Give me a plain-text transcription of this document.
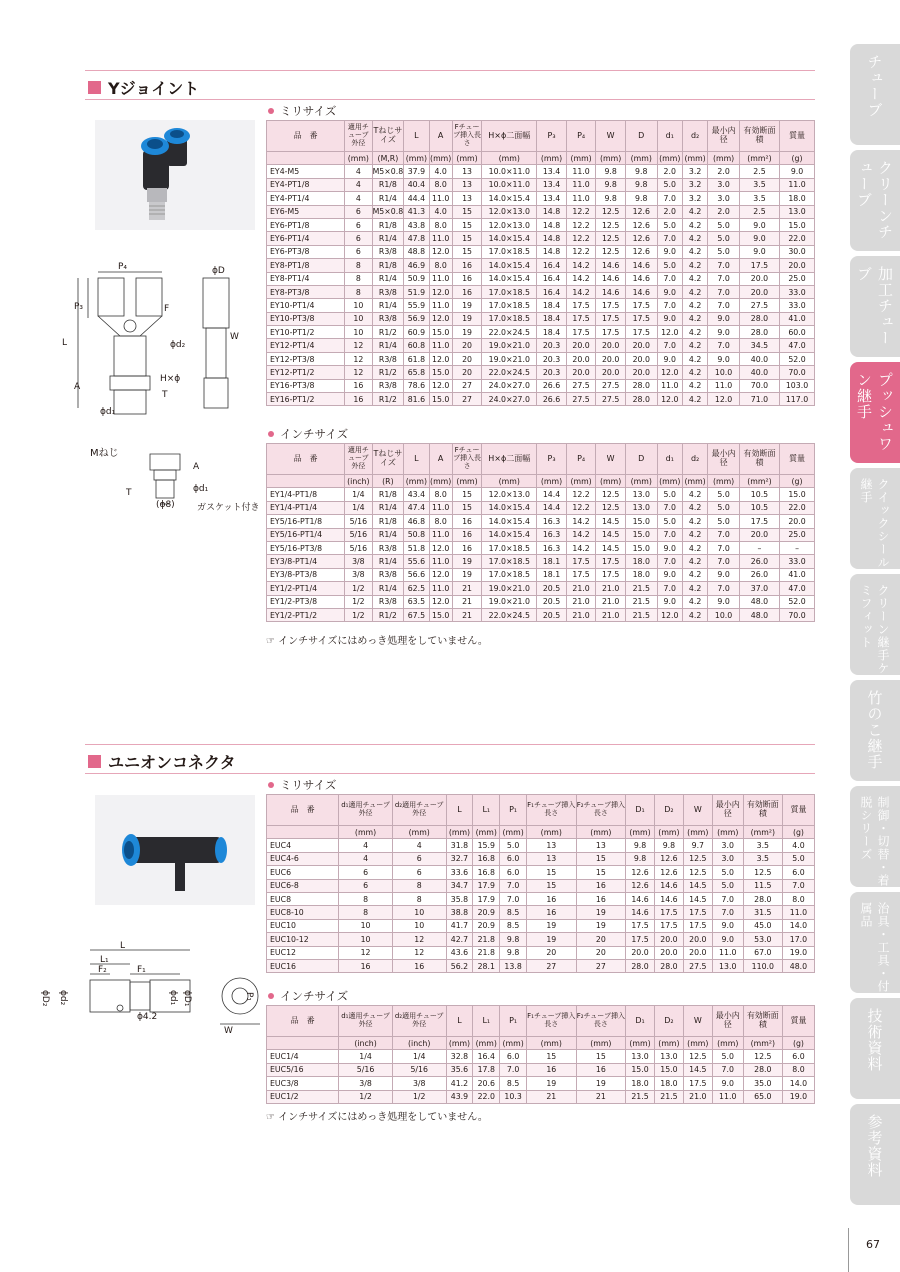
Yジョイント
P₄	ϕD
P₃	F
L	ϕd₂
W
H×ϕ
A
T
ϕd₁
Mねじ
A
ϕd₁
T
(ϕ8) ガスケット付き
ミリサイズ
品　番	適用チューブ外径	Tねじサイズ	L	A	Fチューブ挿入長さ	H×ϕ二面幅	P₃	P₄	W	D	d₁	d₂	最小内径	有効断面積	質量
	(mm)	(M,R)	(mm)	(mm)	(mm)	(mm)	(mm)	(mm)	(mm)	(mm)	(mm)	(mm)	(mm)	(mm²)	(g)
EY4-M5	4	M5×0.8	37.9	4.0	13	10.0×11.0	13.4	11.0	9.8	9.8	2.0	3.2	2.0	2.5	9.0
EY4-PT1/8	4	R1/8	40.4	8.0	13	10.0×11.0	13.4	11.0	9.8	9.8	5.0	3.2	3.0	3.5	11.0
EY4-PT1/4	4	R1/4	44.4	11.0	13	14.0×15.4	13.4	11.0	9.8	9.8	7.0	3.2	3.0	3.5	18.0
EY6-M5	6	M5×0.8	41.3	4.0	15	12.0×13.0	14.8	12.2	12.5	12.6	2.0	4.2	2.0	2.5	13.0
EY6-PT1/8	6	R1/8	43.8	8.0	15	12.0×13.0	14.8	12.2	12.5	12.6	5.0	4.2	5.0	9.0	15.0
EY6-PT1/4	6	R1/4	47.8	11.0	15	14.0×15.4	14.8	12.2	12.5	12.6	7.0	4.2	5.0	9.0	22.0
EY6-PT3/8	6	R3/8	48.8	12.0	15	17.0×18.5	14.8	12.2	12.5	12.6	9.0	4.2	5.0	9.0	30.0
EY8-PT1/8	8	R1/8	46.9	8.0	16	14.0×15.4	16.4	14.2	14.6	14.6	5.0	4.2	7.0	17.5	20.0
EY8-PT1/4	8	R1/4	50.9	11.0	16	14.0×15.4	16.4	14.2	14.6	14.6	7.0	4.2	7.0	20.0	25.0
EY8-PT3/8	8	R3/8	51.9	12.0	16	17.0×18.5	16.4	14.2	14.6	14.6	9.0	4.2	7.0	20.0	33.0
EY10-PT1/4	10	R1/4	55.9	11.0	19	17.0×18.5	18.4	17.5	17.5	17.5	7.0	4.2	7.0	27.5	33.0
EY10-PT3/8	10	R3/8	56.9	12.0	19	17.0×18.5	18.4	17.5	17.5	17.5	9.0	4.2	9.0	28.0	41.0
EY10-PT1/2	10	R1/2	60.9	15.0	19	22.0×24.5	18.4	17.5	17.5	17.5	12.0	4.2	9.0	28.0	60.0
EY12-PT1/4	12	R1/4	60.8	11.0	20	19.0×21.0	20.3	20.0	20.0	20.0	7.0	4.2	7.0	34.5	47.0
EY12-PT3/8	12	R3/8	61.8	12.0	20	19.0×21.0	20.3	20.0	20.0	20.0	9.0	4.2	9.0	40.0	52.0
EY12-PT1/2	12	R1/2	65.8	15.0	20	22.0×24.5	20.3	20.0	20.0	20.0	12.0	4.2	10.0	40.0	70.0
EY16-PT3/8	16	R3/8	78.6	12.0	27	24.0×27.0	26.6	27.5	27.5	28.0	11.0	4.2	11.0	70.0	103.0
EY16-PT1/2	16	R1/2	81.6	15.0	27	24.0×27.0	26.6	27.5	27.5	28.0	12.0	4.2	12.0	71.0	117.0
インチサイズ
品　番	適用チューブ外径	Tねじサイズ	L	A	Fチューブ挿入長さ	H×ϕ二面幅	P₃	P₄	W	D	d₁	d₂	最小内径	有効断面積	質量
	(inch)	(R)	(mm)	(mm)	(mm)	(mm)	(mm)	(mm)	(mm)	(mm)	(mm)	(mm)	(mm)	(mm²)	(g)
EY1/4-PT1/8	1/4	R1/8	43.4	8.0	15	12.0×13.0	14.4	12.2	12.5	13.0	5.0	4.2	5.0	10.5	15.0
EY1/4-PT1/4	1/4	R1/4	47.4	11.0	15	14.0×15.4	14.4	12.2	12.5	13.0	7.0	4.2	5.0	10.5	22.0
EY5/16-PT1/8	5/16	R1/8	46.8	8.0	16	14.0×15.4	16.3	14.2	14.5	15.0	5.0	4.2	5.0	17.5	20.0
EY5/16-PT1/4	5/16	R1/4	50.8	11.0	16	14.0×15.4	16.3	14.2	14.5	15.0	7.0	4.2	7.0	20.0	25.0
EY5/16-PT3/8	5/16	R3/8	51.8	12.0	16	17.0×18.5	16.3	14.2	14.5	15.0	9.0	4.2	7.0	–	–
EY3/8-PT1/4	3/8	R1/4	55.6	11.0	19	17.0×18.5	18.1	17.5	17.5	18.0	7.0	4.2	7.0	26.0	33.0
EY3/8-PT3/8	3/8	R3/8	56.6	12.0	19	17.0×18.5	18.1	17.5	17.5	18.0	9.0	4.2	9.0	26.0	41.0
EY1/2-PT1/4	1/2	R1/4	62.5	11.0	21	19.0×21.0	20.5	21.0	21.0	21.5	7.0	4.2	7.0	37.0	47.0
EY1/2-PT3/8	1/2	R3/8	63.5	12.0	21	19.0×21.0	20.5	21.0	21.0	21.5	9.0	4.2	9.0	48.0	52.0
EY1/2-PT1/2	1/2	R1/2	67.5	15.0	21	22.0×24.5	20.5	21.0	21.0	21.5	12.0	4.2	10.0	48.0	70.0
☞ インチサイズにはめっき処理をしていません。
ユニオンコネクタ
L
L₁
F₂	F₁
ϕD₂ ϕd₂	ϕD₁
ϕd₁	P₁
ϕ4.2
W
ミリサイズ
品　番	d₁適用チューブ外径	d₂適用チューブ外径	L	L₁	P₁	F₁チューブ挿入長さ	F₂チューブ挿入長さ	D₁	D₂	W	最小内径	有効断面積	質量
	(mm)	(mm)	(mm)	(mm)	(mm)	(mm)	(mm)	(mm)	(mm)	(mm)	(mm)	(mm²)	(g)
EUC4	4	4	31.8	15.9	5.0	13	13	9.8	9.8	9.7	3.0	3.5	4.0
EUC4-6	4	6	32.7	16.8	6.0	13	15	9.8	12.6	12.5	3.0	3.5	5.0
EUC6	6	6	33.6	16.8	6.0	15	15	12.6	12.6	12.5	5.0	12.5	6.0
EUC6-8	6	8	34.7	17.9	7.0	15	16	12.6	14.6	14.5	5.0	11.5	7.0
EUC8	8	8	35.8	17.9	7.0	16	16	14.6	14.6	14.5	7.0	28.0	8.0
EUC8-10	8	10	38.8	20.9	8.5	16	19	14.6	17.5	17.5	7.0	31.5	11.0
EUC10	10	10	41.7	20.9	8.5	19	19	17.5	17.5	17.5	9.0	45.0	14.0
EUC10-12	10	12	42.7	21.8	9.8	19	20	17.5	20.0	20.0	9.0	53.0	17.0
EUC12	12	12	43.6	21.8	9.8	20	20	20.0	20.0	20.0	11.0	67.0	19.0
EUC16	16	16	56.2	28.1	13.8	27	27	28.0	28.0	27.5	13.0	110.0	48.0
インチサイズ
品　番	d₁適用チューブ外径	d₂適用チューブ外径	L	L₁	P₁	F₁チューブ挿入長さ	F₂チューブ挿入長さ	D₁	D₂	W	最小内径	有効断面積	質量
	(inch)	(inch)	(mm)	(mm)	(mm)	(mm)	(mm)	(mm)	(mm)	(mm)	(mm)	(mm²)	(g)
EUC1/4	1/4	1/4	32.8	16.4	6.0	15	15	13.0	13.0	12.5	5.0	12.5	6.0
EUC5/16	5/16	5/16	35.6	17.8	7.0	16	16	15.0	15.0	14.5	7.0	28.0	8.0
EUC3/8	3/8	3/8	41.2	20.6	8.5	19	19	18.0	18.0	17.5	9.0	35.0	14.0
EUC1/2	1/2	1/2	43.9	22.0	10.3	21	21	21.5	21.5	21.0	11.0	65.0	19.0
☞ インチサイズにはめっき処理をしていません。
チューブ
クリーンチューブ
加工チューブ
プッシュワン継手
クイックシール継手
クリーン継手ケミフィット
竹のこ継手
制御・切替・着脱シリーズ
治具・工具・付属品
技術資料
参考資料
67
